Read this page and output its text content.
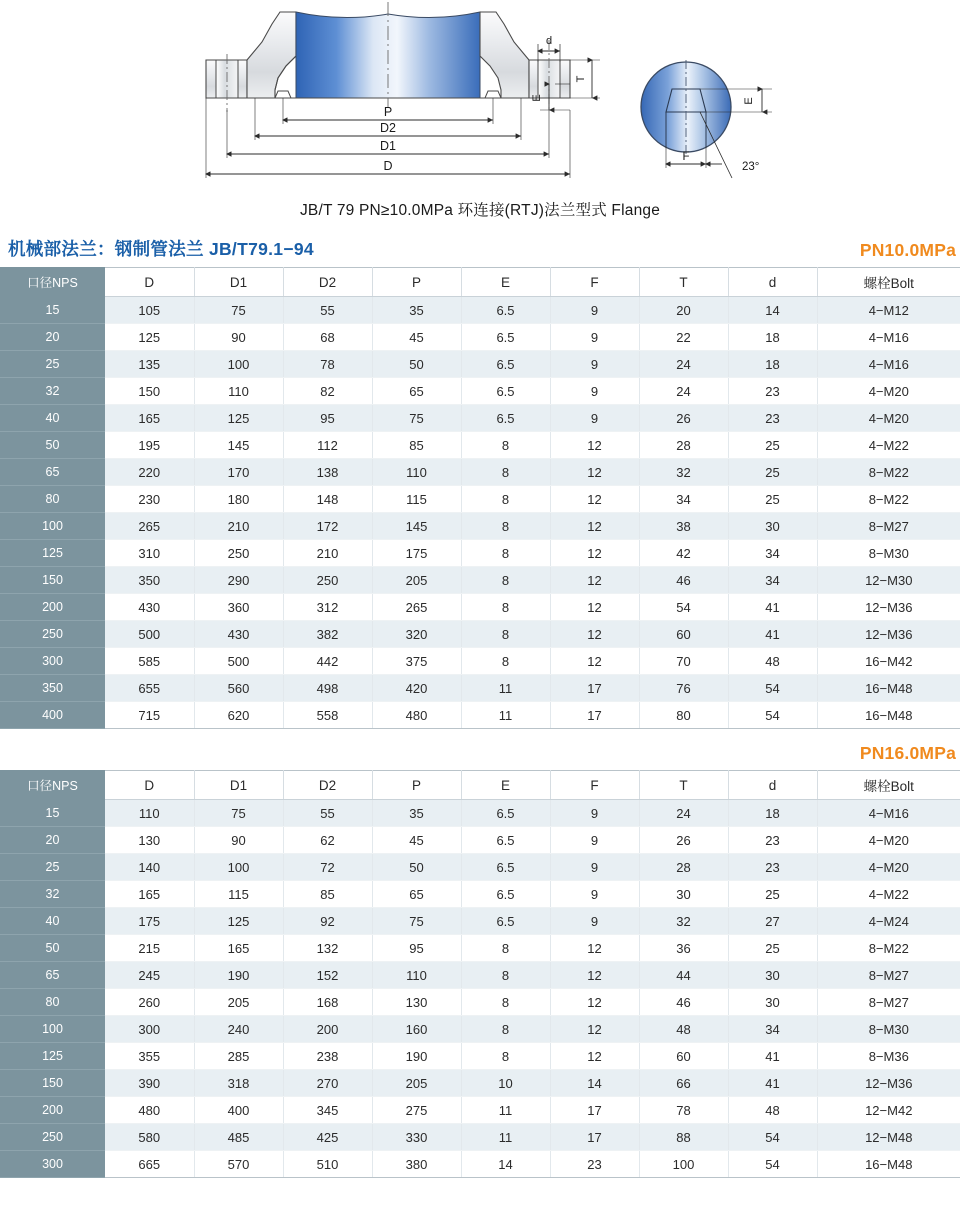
d
T
E
P
D2
D1
D
E
F
23°
JB/T 79 PN≥10.0MPa 环连接(RTJ)法兰型式 Flange
机械部法兰：钢制管法兰 JB/T79.1−94	PN10.0MPa
口径NPS	D	D1	D2	P	E	F	T	d	螺栓Bolt
15	105	75	55	35	6.5	9	20	14	4−M12
20	125	90	68	45	6.5	9	22	18	4−M16
25	135	100	78	50	6.5	9	24	18	4−M16
32	150	110	82	65	6.5	9	24	23	4−M20
40	165	125	95	75	6.5	9	26	23	4−M20
50	195	145	112	85	8	12	28	25	4−M22
65	220	170	138	110	8	12	32	25	8−M22
80	230	180	148	115	8	12	34	25	8−M22
100	265	210	172	145	8	12	38	30	8−M27
125	310	250	210	175	8	12	42	34	8−M30
150	350	290	250	205	8	12	46	34	12−M30
200	430	360	312	265	8	12	54	41	12−M36
250	500	430	382	320	8	12	60	41	12−M36
300	585	500	442	375	8	12	70	48	16−M42
350	655	560	498	420	11	17	76	54	16−M48
400	715	620	558	480	11	17	80	54	16−M48
PN16.0MPa
口径NPS	D	D1	D2	P	E	F	T	d	螺栓Bolt
15	110	75	55	35	6.5	9	24	18	4−M16
20	130	90	62	45	6.5	9	26	23	4−M20
25	140	100	72	50	6.5	9	28	23	4−M20
32	165	115	85	65	6.5	9	30	25	4−M22
40	175	125	92	75	6.5	9	32	27	4−M24
50	215	165	132	95	8	12	36	25	8−M22
65	245	190	152	110	8	12	44	30	8−M27
80	260	205	168	130	8	12	46	30	8−M27
100	300	240	200	160	8	12	48	34	8−M30
125	355	285	238	190	8	12	60	41	8−M36
150	390	318	270	205	10	14	66	41	12−M36
200	480	400	345	275	11	17	78	48	12−M42
250	580	485	425	330	11	17	88	54	12−M48
300	665	570	510	380	14	23	100	54	16−M48
